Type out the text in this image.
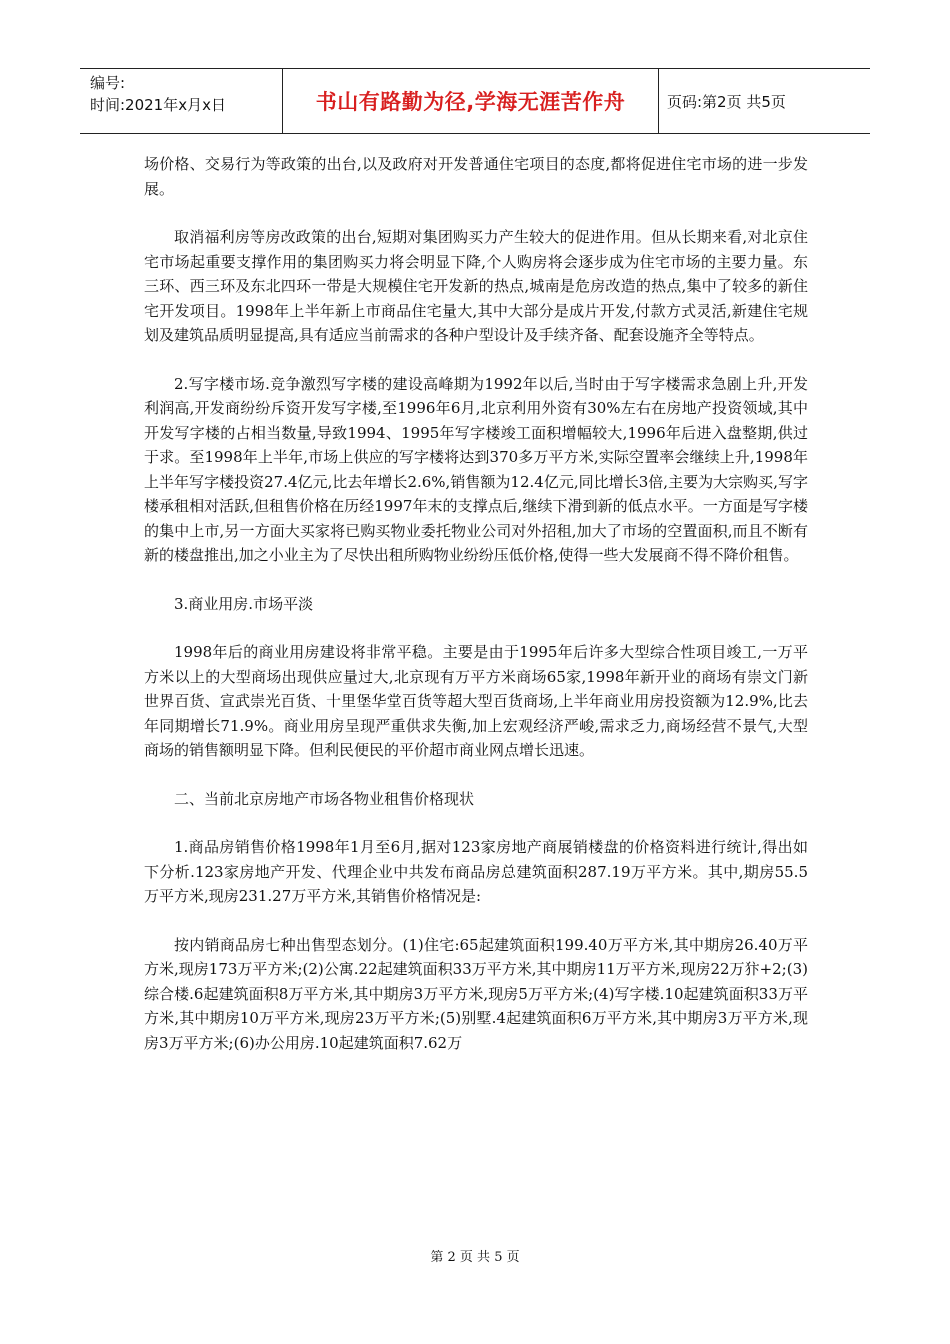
编号:
时间:2021年x月x日	书山有路勤为径,学海无涯苦作舟	页码:第2页 共5页

场价格、交易行为等政策的出台,以及政府对开发普通住宅项目的态度,都将促进住宅市场的进一步发展。

取消福利房等房改政策的出台,短期对集团购买力产生较大的促进作用。但从长期来看,对北京住宅市场起重要支撑作用的集团购买力将会明显下降,个人购房将会逐步成为住宅市场的主要力量。东三环、西三环及东北四环一带是大规模住宅开发新的热点,城南是危房改造的热点,集中了较多的新住宅开发项目。1998年上半年新上市商品住宅量大,其中大部分是成片开发,付款方式灵活,新建住宅规划及建筑品质明显提高,具有适应当前需求的各种户型设计及手续齐备、配套设施齐全等特点。

2.写字楼市场.竞争激烈写字楼的建设高峰期为1992年以后,当时由于写字楼需求急剧上升,开发利润高,开发商纷纷斥资开发写字楼,至1996年6月,北京利用外资有30%左右在房地产投资领域,其中开发写字楼的占相当数量,导致1994、1995年写字楼竣工面积增幅较大,1996年后进入盘整期,供过于求。至1998年上半年,市场上供应的写字楼将达到370多万平方米,实际空置率会继续上升,1998年上半年写字楼投资27.4亿元,比去年增长2.6%,销售额为12.4亿元,同比增长3倍,主要为大宗购买,写字楼承租相对活跃,但租售价格在历经1997年末的支撑点后,继续下滑到新的低点水平。一方面是写字楼的集中上市,另一方面大买家将已购买物业委托物业公司对外招租,加大了市场的空置面积,而且不断有新的楼盘推出,加之小业主为了尽快出租所购物业纷纷压低价格,使得一些大发展商不得不降价租售。

3.商业用房.市场平淡

1998年后的商业用房建设将非常平稳。主要是由于1995年后许多大型综合性项目竣工,一万平方米以上的大型商场出现供应量过大,北京现有万平方米商场65家,1998年新开业的商场有崇文门新世界百货、宣武崇光百货、十里堡华堂百货等超大型百货商场,上半年商业用房投资额为12.9%,比去年同期增长71.9%。商业用房呈现严重供求失衡,加上宏观经济严峻,需求乏力,商场经营不景气,大型商场的销售额明显下降。但利民便民的平价超市商业网点增长迅速。

二、当前北京房地产市场各物业租售价格现状

1.商品房销售价格1998年1月至6月,据对123家房地产商展销楼盘的价格资料进行统计,得出如下分析.123家房地产开发、代理企业中共发布商品房总建筑面积287.19万平方米。其中,期房55.5万平方米,现房231.27万平方米,其销售价格情况是:

按内销商品房七种出售型态划分。(1)住宅:65起建筑面积199.40万平方米,其中期房26.40万平方米,现房173万平方米;(2)公寓.22起建筑面积33万平方米,其中期房11万平方米,现房22万犿+2;(3)综合楼.6起建筑面积8万平方米,其中期房3万平方米,现房5万平方米;(4)写字楼.10起建筑面积33万平方米,其中期房10万平方米,现房23万平方米;(5)别墅.4起建筑面积6万平方米,其中期房3万平方米,现房3万平方米;(6)办公用房.10起建筑面积7.62万

第 2 页 共 5 页
